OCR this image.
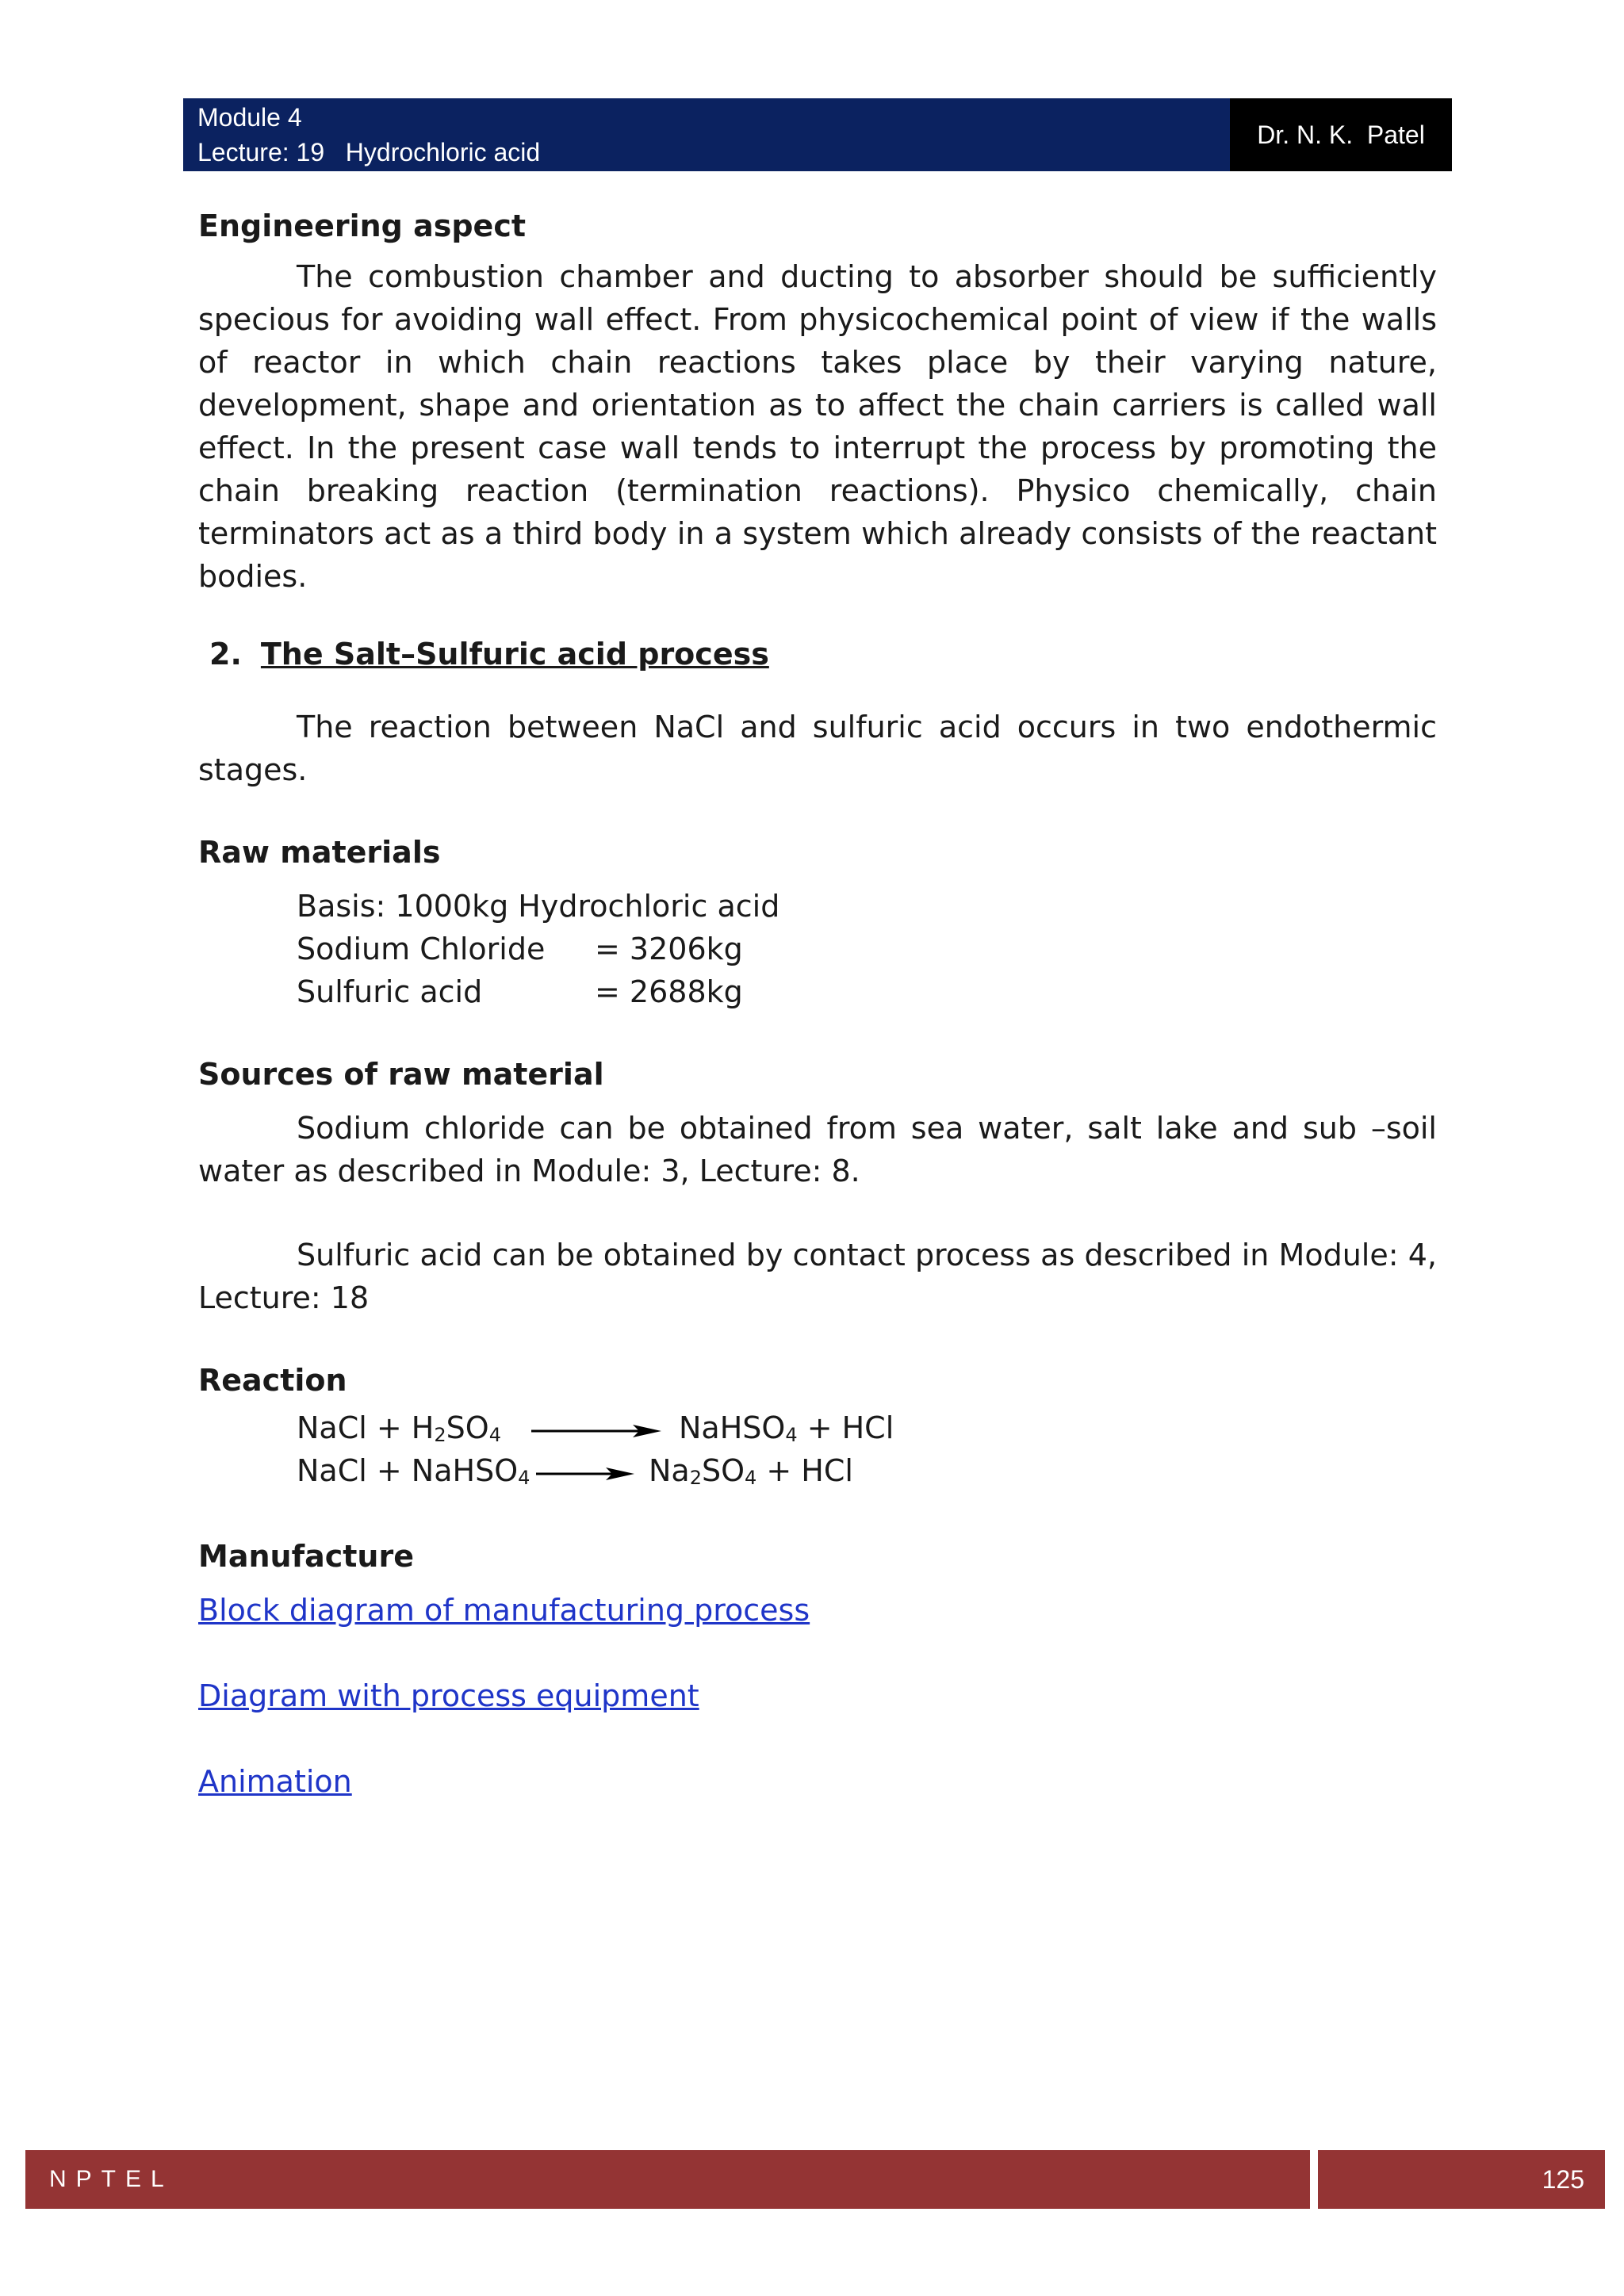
Module 4
Lecture: 19   Hydrochloric acid
Dr. N. K.  Patel

Engineering aspect

The combustion chamber and ducting to absorber should be sufficiently specious for avoiding wall effect. From physicochemical point of view if the walls of reactor in which chain reactions takes place by their varying nature, development, shape and orientation as to affect the chain carriers is called wall effect. In the present case wall tends to interrupt the process by promoting the chain breaking reaction (termination reactions). Physico chemically, chain terminators act as a third body in a system which already consists of the reactant bodies.

2. The Salt–Sulfuric acid process

The reaction between NaCl and sulfuric acid occurs in two endothermic stages.

Raw materials

Basis: 1000kg Hydrochloric acid
Sodium Chloride	= 3206kg
Sulfuric acid	= 2688kg

Sources of raw material

Sodium chloride can be obtained from sea water, salt lake and sub –soil water as described in Module: 3, Lecture: 8.

Sulfuric acid can be obtained by contact process as described in Module: 4, Lecture: 18

Reaction

NaCl + $H_2SO_4$	NaHSO$_4$ + HCl
NaCl + NaHSO$_4$ → $Na_2SO_4$ + HCl

Manufacture

Block diagram of manufacturing process
Diagram with process equipment
Animation
NPTEL	125
